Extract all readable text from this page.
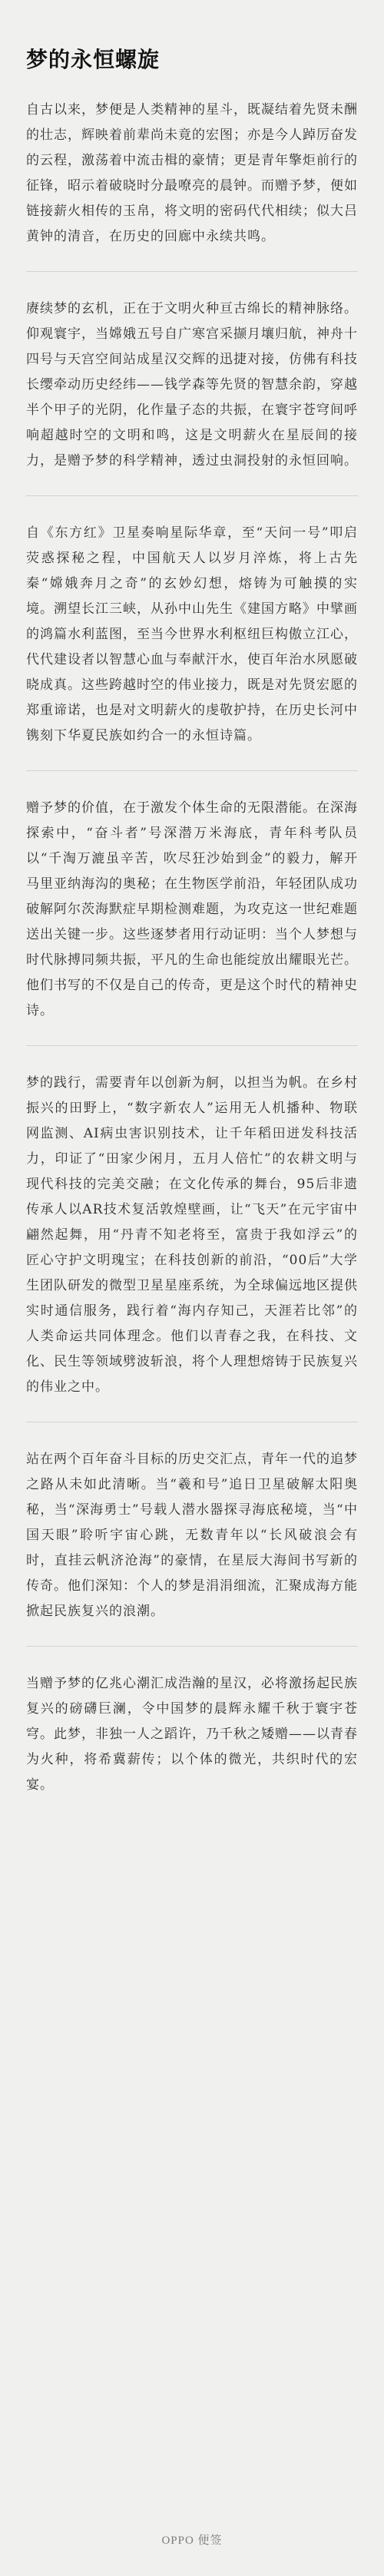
梦的永恒螺旋

自古以来，梦便是人类精神的星斗，既凝结着先贤未酬的壮志，辉映着前辈尚未竟的宏图；亦是今人踔厉奋发的云程，激荡着中流击楫的豪情；更是青年擎炬前行的征锋，昭示着破晓时分最嘹亮的晨钟。而赠予梦，便如链接薪火相传的玉帛，将文明的密码代代相续；似大吕黄钟的清音，在历史的回廊中永续共鸣。

赓续梦的玄机，正在于文明火种亘古绵长的精神脉络。仰观寰宇，当嫦娥五号自广寒宫采撷月壤归航，神舟十四号与天宫空间站成星汉交辉的迅捷对接，仿佛有科技长缨牵动历史经纬——钱学森等先贤的智慧余韵，穿越半个甲子的光阴，化作量子态的共振，在寰宇苍穹间呼响超越时空的文明和鸣，这是文明薪火在星辰间的接力，是赠予梦的科学精神，透过虫洞投射的永恒回响。

自《东方红》卫星奏响星际华章，至“天问一号”叩启荧惑探秘之程，中国航天人以岁月淬炼，将上古先秦“嫦娥奔月之奇”的玄妙幻想，熔铸为可触摸的实境。溯望长江三峡，从孙中山先生《建国方略》中擘画的鸿篇水利蓝图，至当今世界水利枢纽巨构傲立江心，代代建设者以智慧心血与奉献汗水，使百年治水夙愿破晓成真。这些跨越时空的伟业接力，既是对先贤宏愿的郑重谛诺，也是对文明薪火的虔敬护持，在历史长河中镌刻下华夏民族如约合一的永恒诗篇。

赠予梦的价值，在于激发个体生命的无限潜能。在深海探索中，“奋斗者”号深潜万米海底，青年科考队员以“千淘万漉虽辛苦，吹尽狂沙始到金”的毅力，解开马里亚纳海沟的奥秘；在生物医学前沿，年轻团队成功破解阿尔茨海默症早期检测难题，为攻克这一世纪难题送出关键一步。这些逐梦者用行动证明：当个人梦想与时代脉搏同频共振，平凡的生命也能绽放出耀眼光芒。他们书写的不仅是自己的传奇，更是这个时代的精神史诗。

梦的践行，需要青年以创新为舸，以担当为帆。在乡村振兴的田野上，“数字新农人”运用无人机播种、物联网监测、AI病虫害识别技术，让千年稻田迸发科技活力，印证了“田家少闲月，五月人倍忙”的农耕文明与现代科技的完美交融；在文化传承的舞台，95后非遗传承人以AR技术复活敦煌壁画，让“飞天”在元宇宙中翩然起舞，用“丹青不知老将至，富贵于我如浮云”的匠心守护文明瑰宝；在科技创新的前沿，“00后”大学生团队研发的微型卫星星座系统，为全球偏远地区提供实时通信服务，践行着“海内存知己，天涯若比邻”的人类命运共同体理念。他们以青春之我，在科技、文化、民生等领域劈波斩浪，将个人理想熔铸于民族复兴的伟业之中。

站在两个百年奋斗目标的历史交汇点，青年一代的追梦之路从未如此清晰。当“羲和号”追日卫星破解太阳奥秘，当“深海勇士”号载人潜水器探寻海底秘境，当“中国天眼”聆听宇宙心跳，无数青年以“长风破浪会有时，直挂云帆济沧海”的豪情，在星辰大海间书写新的传奇。他们深知：个人的梦是涓涓细流，汇聚成海方能掀起民族复兴的浪潮。

当赠予梦的亿兆心潮汇成浩瀚的星汉，必将激扬起民族复兴的磅礴巨澜，令中国梦的晨辉永耀千秋于寰宇苍穹。此梦，非独一人之蹈许，乃千秋之矮赠——以青春为火种，将希冀薪传；以个体的微光，共织时代的宏宴。

OPPO 便签
